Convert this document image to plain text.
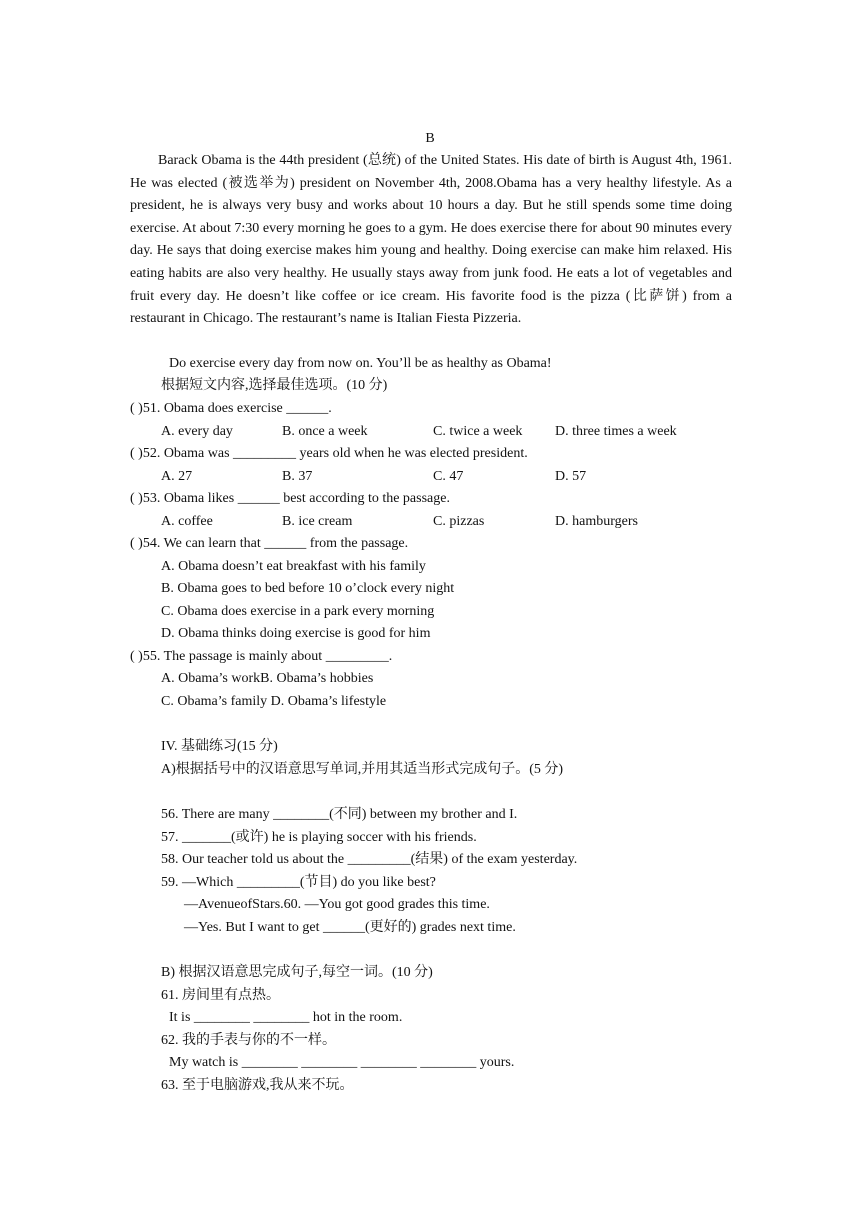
B

Barack Obama is the 44th president (总统) of the United States. His date of birth is August 4th, 1961. He was elected (被选举为) president on November 4th, 2008.Obama has a very healthy lifestyle. As a president, he is always very busy and works about 10 hours a day. But he still spends some time doing exercise. At about 7:30 every morning he goes to a gym. He does exercise there for about 90 minutes every day. He says that doing exercise makes him young and healthy. Doing exercise can make him relaxed. His eating habits are also very healthy. He usually stays away from junk food. He eats a lot of vegetables and fruit every day. He doesn’t like coffee or ice cream. His favorite food is the pizza (比萨饼) from a restaurant in Chicago. The restaurant’s name is Italian Fiesta Pizzeria.

Do exercise every day from now on. You’ll be as healthy as Obama!
根据短文内容,选择最佳选项。(10 分)
( )51. Obama does exercise ______.
A. every day	B. once a week	C. twice a week D. three times a week
( )52. Obama was _________ years old when he was elected president.
A. 27	B. 37	C. 47	D. 57
( )53. Obama likes ______ best according to the passage.
A. coffee	B. ice cream	C. pizzas	D. hamburgers
( )54. We can learn that ______ from the passage.
A. Obama doesn’t eat breakfast with his family
B. Obama goes to bed before 10 o’clock every night
C. Obama does exercise in a park every morning
D. Obama thinks doing exercise is good for him
( )55. The passage is mainly about _________.
A. Obama’s workB. Obama’s hobbies
C. Obama’s family D. Obama’s lifestyle
IV. 基础练习(15 分)
A)根据括号中的汉语意思写单词,并用其适当形式完成句子。(5 分)
56. There are many ________(不同) between my brother and I.
57. _______(或许) he is playing soccer with his friends.
58. Our teacher told us about the _________(结果) of the exam yesterday.
59. —Which _________(节目) do you like best?
—AvenueofStars.60. —You got good grades this time.
—Yes. But I want to get ______(更好的) grades next time.
B) 根据汉语意思完成句子,每空一词。(10 分)
61. 房间里有点热。
It is ________ ________ hot in the room.
62. 我的手表与你的不一样。
My watch is ________ ________ ________ ________ yours.
63. 至于电脑游戏,我从来不玩。
